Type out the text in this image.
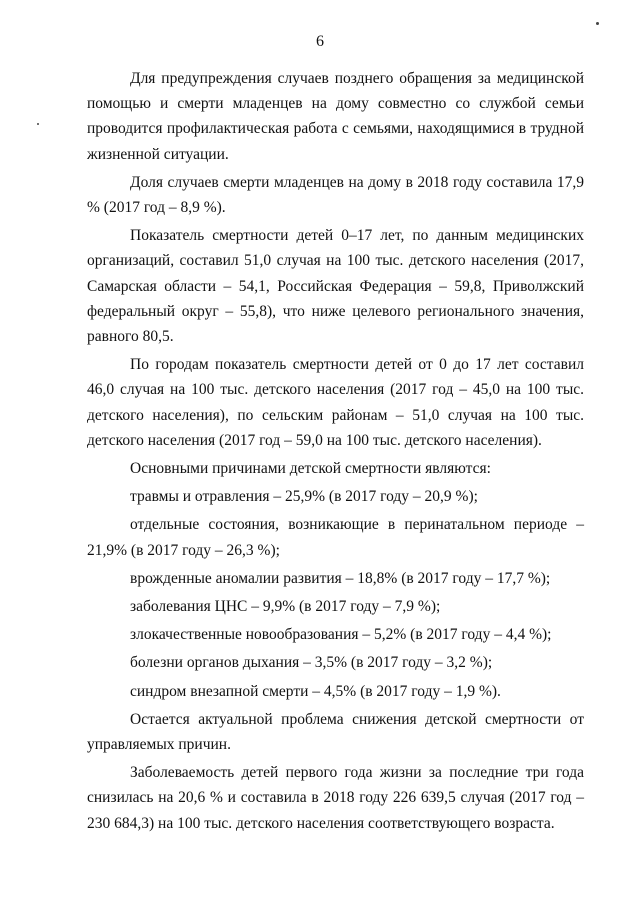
6

Для предупреждения случаев позднего обращения за медицинской помощью и смерти младенцев на дому совместно со службой семьи проводится профилактическая работа с семьями, находящимися в трудной жизненной ситуации.

Доля случаев смерти младенцев на дому в 2018 году составила 17,9 % (2017 год – 8,9 %).

Показатель смертности детей 0–17 лет, по данным медицинских организаций, составил 51,0 случая на 100 тыс. детского населения (2017, Самарская области – 54,1, Российская Федерация – 59,8, Приволжский федеральный округ – 55,8), что ниже целевого регионального значения, равного 80,5.

По городам показатель смертности детей от 0 до 17 лет составил 46,0 случая на 100 тыс. детского населения (2017 год – 45,0 на 100 тыс. детского населения), по сельским районам – 51,0 случая на 100 тыс. детского населения (2017 год – 59,0 на 100 тыс. детского населения).

Основными причинами детской смертности являются:

травмы и отравления – 25,9% (в 2017 году – 20,9 %);

отдельные состояния, возникающие в перинатальном периоде – 21,9% (в 2017 году – 26,3 %);

врожденные аномалии развития – 18,8% (в 2017 году – 17,7 %);

заболевания ЦНС – 9,9% (в 2017 году – 7,9 %);

злокачественные новообразования – 5,2% (в 2017 году – 4,4 %);

болезни органов дыхания – 3,5% (в 2017 году – 3,2 %);

синдром внезапной смерти – 4,5% (в 2017 году – 1,9 %).

Остается актуальной проблема снижения детской смертности от управляемых причин.

Заболеваемость детей первого года жизни за последние три года снизилась на 20,6 % и составила в 2018 году 226 639,5 случая (2017 год – 230 684,3) на 100 тыс. детского населения соответствующего возраста.
